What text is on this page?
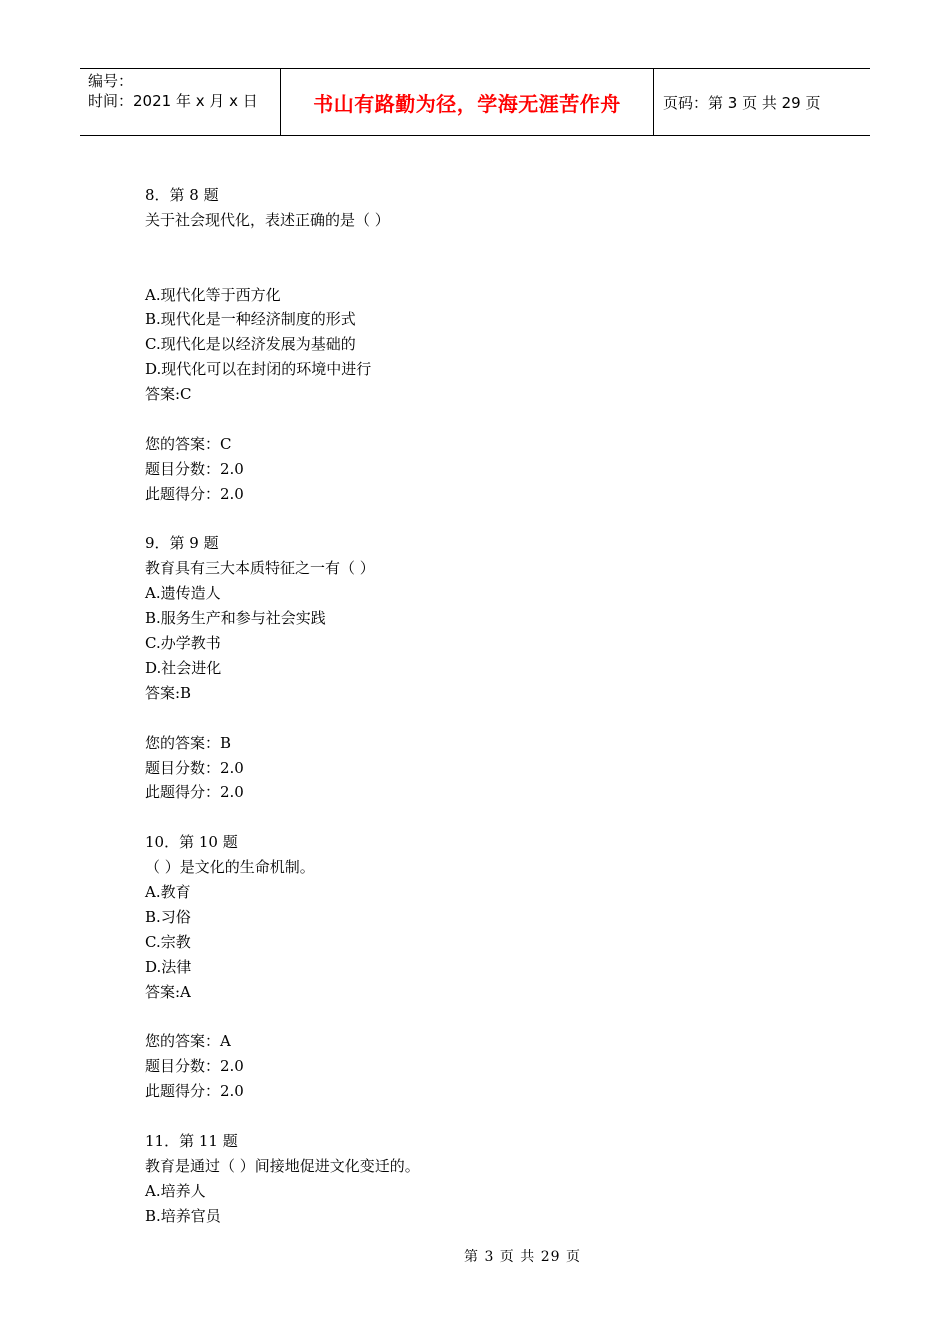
编号：
时间：2021 年 x 月 x 日	书山有路勤为径，学海无涯苦作舟	页码：第 3 页 共 29 页
8．第 8 题
关于社会现代化，表述正确的是（ ）
A.现代化等于西方化
B.现代化是一种经济制度的形式
C.现代化是以经济发展为基础的
D.现代化可以在封闭的环境中进行
答案:C
您的答案：C
题目分数：2.0
此题得分：2.0
9．第 9 题
教育具有三大本质特征之一有（ ）
A.遗传造人
B.服务生产和参与社会实践
C.办学教书
D.社会进化
答案:B
您的答案：B
题目分数：2.0
此题得分：2.0
10．第 10 题
（ ）是文化的生命机制。
A.教育
B.习俗
C.宗教
D.法律
答案:A
您的答案：A
题目分数：2.0
此题得分：2.0
11．第 11 题
教育是通过（ ）间接地促进文化变迁的。
A.培养人
B.培养官员
第 3 页 共 29 页
